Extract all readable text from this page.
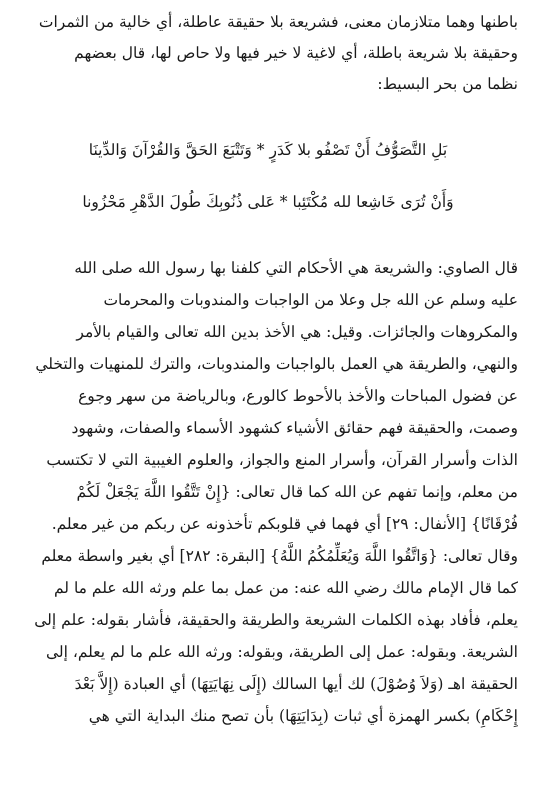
باطنها وهما متلازمان معنى، فشريعة بلا حقيقة عاطلة، أي خالية من الثمرات
وحقيقة بلا شريعة باطلة، أي لاغية لا خير فيها ولا حاص لها، قال بعضهم
نظما من بحر البسيط:
بَلِ التَّصَوُّفُ أَنْ تَصْفُو بلا كَدَرٍ * وَتَتْبَعَ الحَقَّ وَالقُرْآنَ وَالدِّينَا
وَأَنْ تُرَى خَاشِعا لله مُكْتَئِبا * عَلى ذُنُوبِكَ طُولَ الدَّهْرِ مَحْزُونا
قال الصاوي: والشريعة هي الأحكام التي كلفنا بها رسول الله صلى الله
عليه وسلم عن الله جل وعلا من الواجبات والمندوبات والمحرمات
والمكروهات والجائزات. وقيل: هي الأخذ بدين الله تعالى والقيام بالأمر
والنهي، والطريقة هي العمل بالواجبات والمندوبات، والترك للمنهيات والتخلي
عن فضول المباحات والأخذ بالأحوط كالورع، وبالرياضة من سهر وجوع
وصمت، والحقيقة فهم حقائق الأشياء كشهود الأسماء والصفات، وشهود
الذات وأسرار القرآن، وأسرار المنع والجواز، والعلوم الغيبية التي لا تكتسب
من معلم، وإنما تفهم عن الله كما قال تعالى: {إِنْ تَتَّقُوا اللَّهَ يَجْعَلْ لَكُمْ
فُرْقَانًا} [الأنفال: ٢٩] أي فهما في قلوبكم تأخذونه عن ربكم من غير معلم.
وقال تعالى: {وَاتَّقُوا اللَّهَ وَيُعَلِّمُكُمُ اللَّهُ} [البقرة: ٢٨٢] أي بغير واسطة معلم
كما قال الإمام مالك رضي الله عنه: من عمل بما علم ورثه الله علم ما لم
يعلم، فأفاد بهذه الكلمات الشريعة والطريقة والحقيقة، فأشار بقوله: علم إلى
الشريعة. وبقوله: عمل إلى الطريقة، وبقوله: ورثه الله علم ما لم يعلم، إلى
الحقيقة اهـ (وَلاَ وُصُوْلَ) لك أيها السالك (إِلَى نِهَايَتِهَا) أي العبادة (إِلاَّ بَعْدَ
إِحْكَامِ) بكسر الهمزة أي ثبات (بِدَايَتِهَا) بأن تصح منك البداية التي هي
